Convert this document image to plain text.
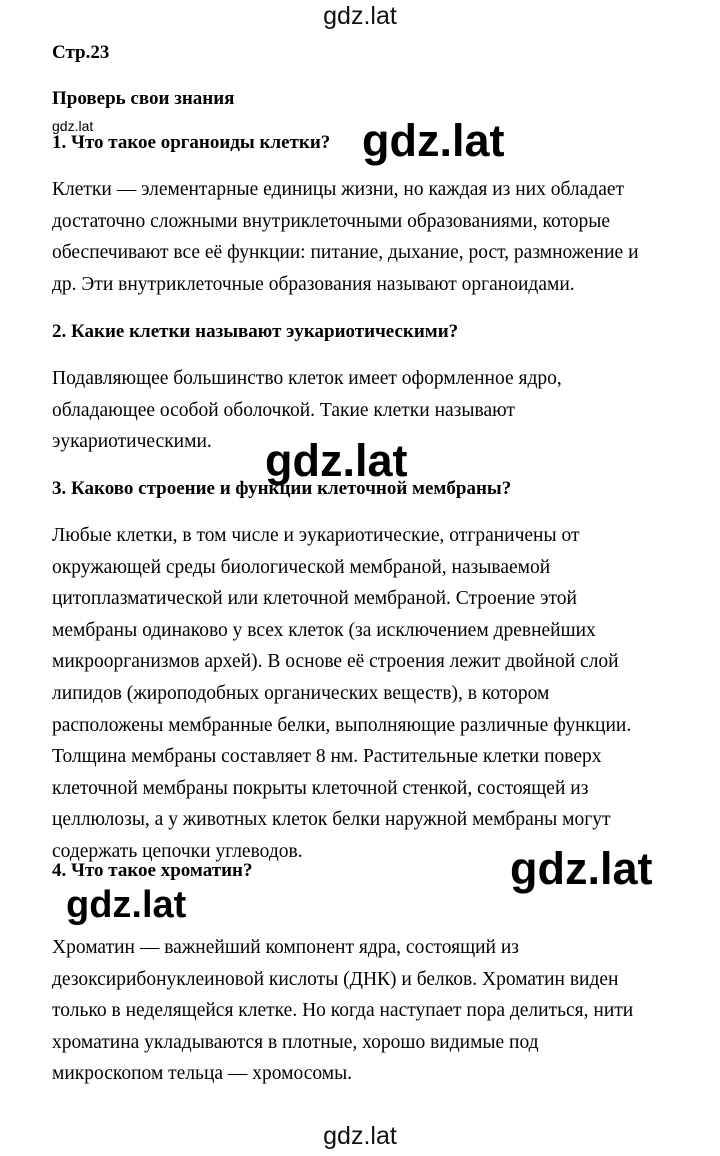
gdz.lat
Стр.23
Проверь свои знания
gdz.lat
1. Что такое органоиды клетки?
Клетки — элементарные единицы жизни, но каждая из них обладает
достаточно сложными внутриклеточными образованиями, которые
обеспечивают все её функции: питание, дыхание, рост, размножение и
др. Эти внутриклеточные образования называют органоидами.
2. Какие клетки называют эукариотическими?
Подавляющее большинство клеток имеет оформленное ядро,
обладающее особой оболочкой. Такие клетки называют
эукариотическими.
3. Каково строение и функции клеточной мембраны?
Любые клетки, в том числе и эукариотические, отграничены от
окружающей среды биологической мембраной, называемой
цитоплазматической или клеточной мембраной. Строение этой
мембраны одинаково у всех клеток (за исключением древнейших
микроорганизмов архей). В основе её строения лежит двойной слой
липидов (жироподобных органических веществ), в котором
расположены мембранные белки, выполняющие различные функции.
Толщина мембраны составляет 8 нм. Растительные клетки поверх
клеточной мембраны покрыты клеточной стенкой, состоящей из
целлюлозы, а у животных клеток белки наружной мембраны могут
содержать цепочки углеводов.
4. Что такое хроматин?
Хроматин — важнейший компонент ядра, состоящий из
дезоксирибонуклеиновой кислоты (ДНК) и белков. Хроматин виден
только в неделящейся клетке. Но когда наступает пора делиться, нити
хроматина укладываются в плотные, хорошо видимые под
микроскопом тельца — хромосомы.
gdz.lat
gdz.lat
gdz.lat
gdz.lat
gdz.lat
